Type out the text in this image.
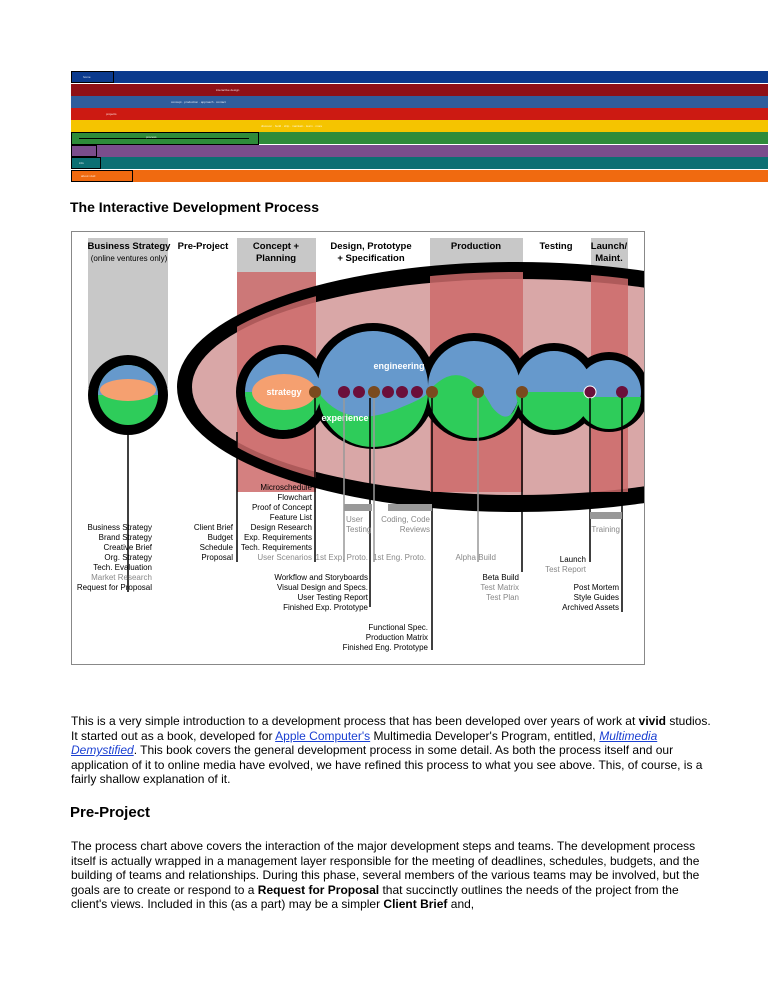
home
interactive design
concept · production · approach · contact
projects
discover · build · ship · maintain · learn · more
process
info
about vivid
The Interactive Development Process
Business Strategy
(online ventures only)
Pre-Project	Concept +
Planning
Design, Prototype
+ Specification
Production	Testing Launch/
Maint.
strategy
engineering
experience
Business Strategy
Brand Strategy
Creative Brief
Org. Strategy
Tech. Evaluation
Market Research
Request for Proposal
Client Brief
Budget
Schedule
Proposal
Microschedule
Flowchart
Proof of Concept
Feature List
Design Research
Exp. Requirements
Tech. Requirements
User Scenarios
User
Testing
Coding, Code
Reviews
1st Exp. Proto. 1st Eng. Proto.	Alpha Build
Training
Test Report
Launch
Workflow and Storyboards
Visual Design and Specs.
User Testing Report
Finished Exp. Prototype
Functional Spec.
Production Matrix
Finished Eng. Prototype
Beta Build
Test Matrix
Test Plan
Post Mortem
Style Guides
Archived Assets

This is a very simple introduction to a development process that has been developed over years of work at vivid studios. It started out as a book, developed for Apple Computer's Multimedia Developer's Program, entitled, Multimedia Demystified. This book covers the general development process in some detail. As both the process itself and our application of it to online media have evolved, we have refined this process to what you see above. This, of course, is a fairly shallow explanation of it.

Pre-Project

The process chart above covers the interaction of the major development steps and teams. The development process itself is actually wrapped in a management layer responsible for the meeting of deadlines, schedules, budgets, and the building of teams and relationships. During this phase, several members of the various teams may be involved, but the goals are to create or respond to a Request for Proposal that succinctly outlines the needs of the project from the client's views. Included in this (as a part) may be a simpler Client Brief and,
